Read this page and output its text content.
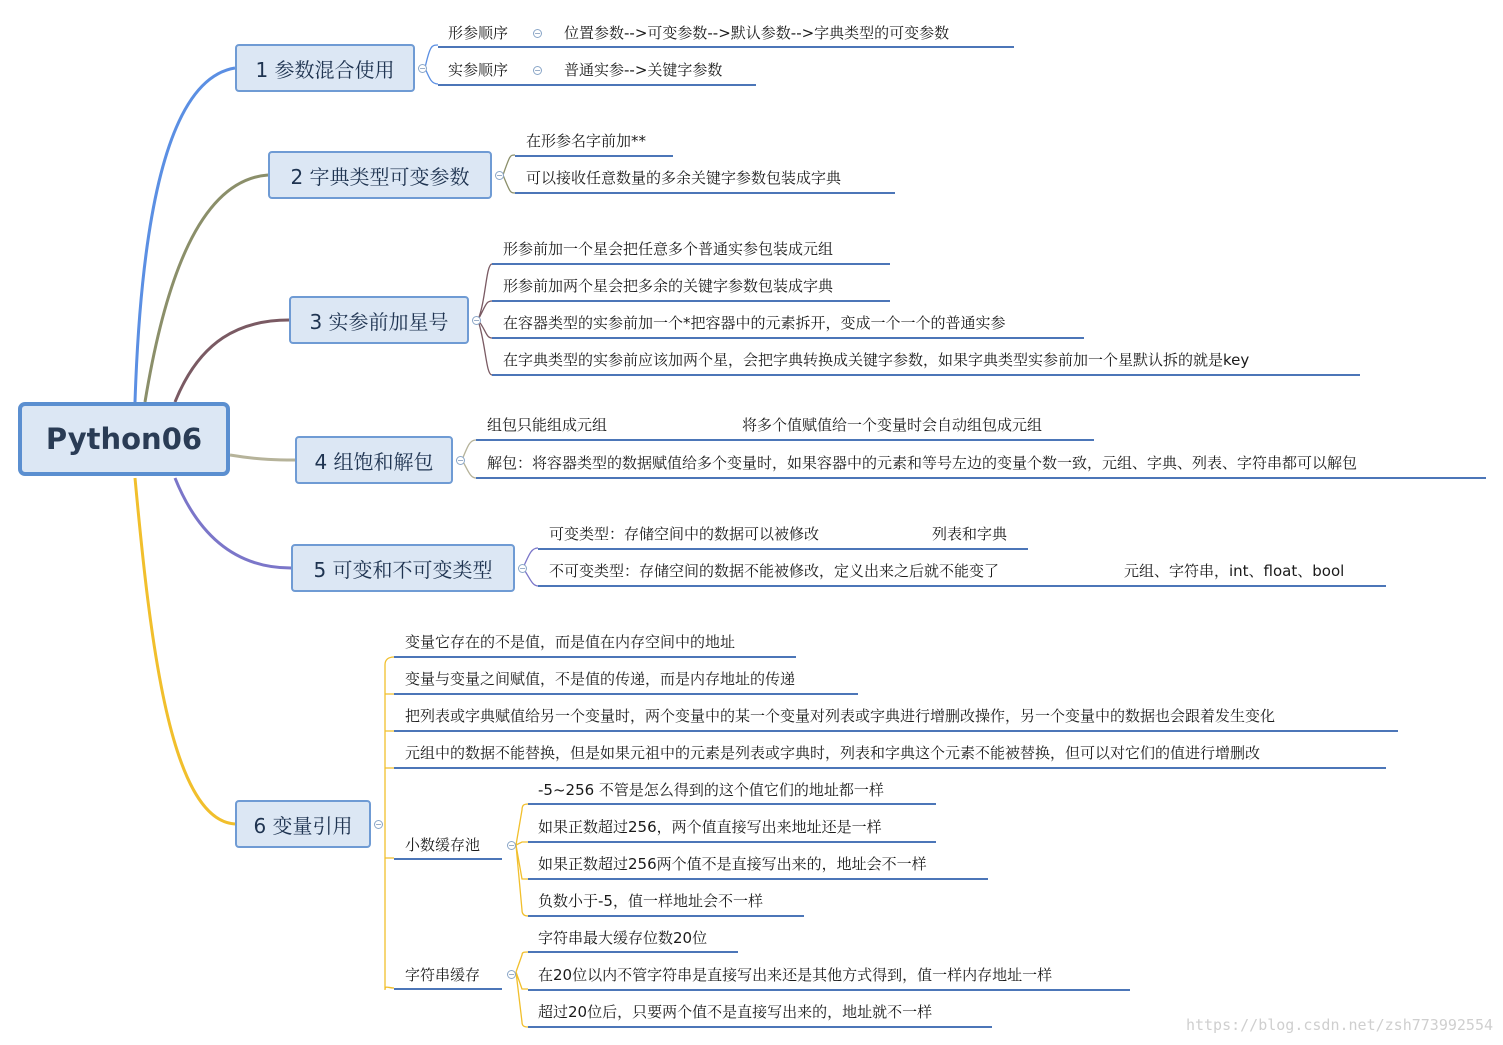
Python06
1 参数混合使用	−
形参顺序	− 位置参数-->可变参数-->默认参数-->字典类型的可变参数
实参顺序	− 普通实参-->关键字参数
2 字典类型可变参数	−
在形参名字前加**
可以接收任意数量的多余关键字参数包装成字典
3 实参前加星号	−
形参前加一个星会把任意多个普通实参包装成元组
形参前加两个星会把多余的关键字参数包装成字典
在容器类型的实参前加一个*把容器中的元素拆开，变成一个一个的普通实参
在字典类型的实参前应该加两个星，会把字典转换成关键字参数，如果字典类型实参前加一个星默认拆的就是key
4 组饱和解包	−
组包只能组成元组	将多个值赋值给一个变量时会自动组包成元组
解包：将容器类型的数据赋值给多个变量时，如果容器中的元素和等号左边的变量个数一致，元组、字典、列表、字符串都可以解包
5 可变和不可变类型	−
可变类型：存储空间中的数据可以被修改	列表和字典
不可变类型：存储空间的数据不能被修改，定义出来之后就不能变了	元组、字符串，int、float、bool
6 变量引用	−
变量它存在的不是值，而是值在内存空间中的地址
变量与变量之间赋值，不是值的传递，而是内存地址的传递
把列表或字典赋值给另一个变量时，两个变量中的某一个变量对列表或字典进行增删改操作，另一个变量中的数据也会跟着发生变化
元组中的数据不能替换，但是如果元祖中的元素是列表或字典时，列表和字典这个元素不能被替换，但可以对它们的值进行增删改
小数缓存池	−
-5~256 不管是怎么得到的这个值它们的地址都一样
如果正数超过256，两个值直接写出来地址还是一样
如果正数超过256两个值不是直接写出来的，地址会不一样
负数小于-5，值一样地址会不一样
字符串缓存	−
字符串最大缓存位数20位
在20位以内不管字符串是直接写出来还是其他方式得到，值一样内存地址一样
超过20位后，只要两个值不是直接写出来的，地址就不一样
https://blog.csdn.net/zsh773992554
